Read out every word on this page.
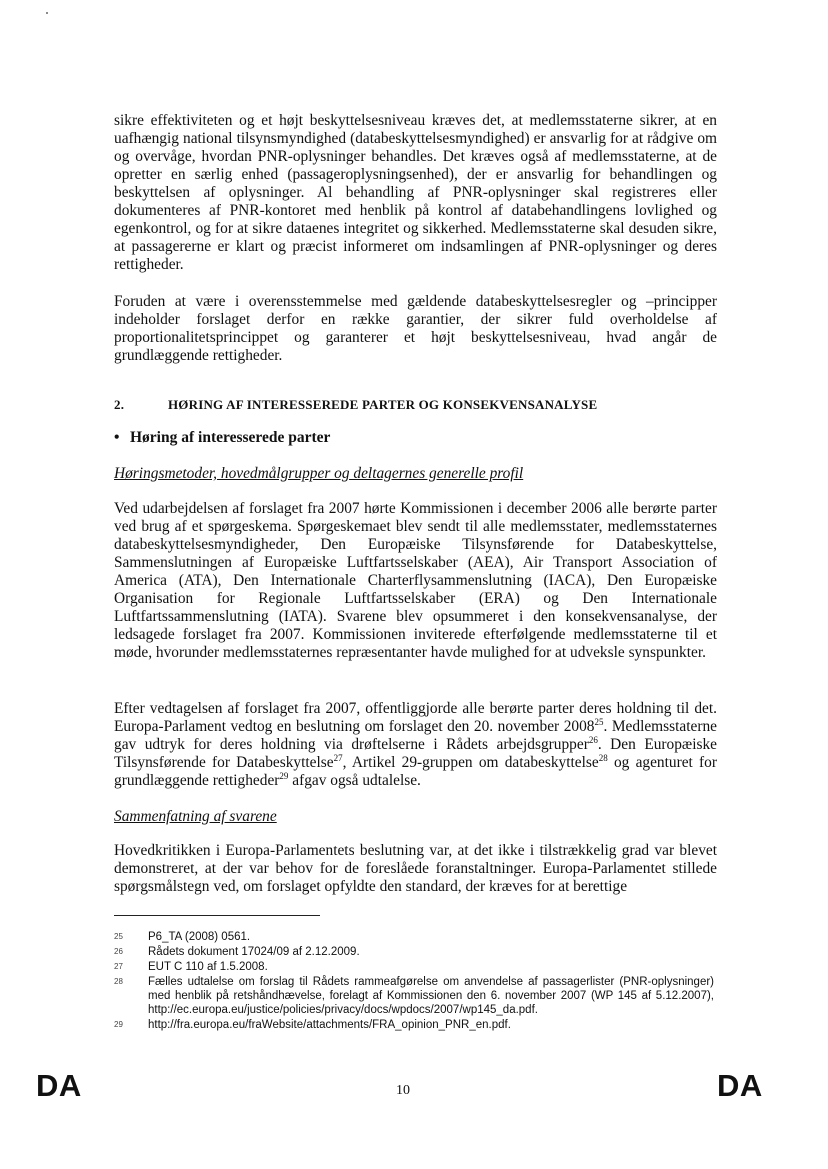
sikre effektiviteten og et højt beskyttelsesniveau kræves det, at medlemsstaterne sikrer, at en uafhængig national tilsynsmyndighed (databeskyttelsesmyndighed) er ansvarlig for at rådgive om og overvåge, hvordan PNR-oplysninger behandles. Det kræves også af medlemsstaterne, at de opretter en særlig enhed (passageroplysningsenhed), der er ansvarlig for behandlingen og beskyttelsen af oplysninger. Al behandling af PNR-oplysninger skal registreres eller dokumenteres af PNR-kontoret med henblik på kontrol af databehandlingens lovlighed og egenkontrol, og for at sikre dataenes integritet og sikkerhed. Medlemsstaterne skal desuden sikre, at passagererne er klart og præcist informeret om indsamlingen af PNR-oplysninger og deres rettigheder.

Foruden at være i overensstemmelse med gældende databeskyttelsesregler og –principper indeholder forslaget derfor en række garantier, der sikrer fuld overholdelse af proportionalitetsprincippet og garanterer et højt beskyttelsesniveau, hvad angår de grundlæggende rettigheder.

2.	HØRING AF INTERESSEREDE PARTER OG KONSEKVENSANALYSE
• Høring af interesserede parter
Høringsmetoder, hovedmålgrupper og deltagernes generelle profil

Ved udarbejdelsen af forslaget fra 2007 hørte Kommissionen i december 2006 alle berørte parter ved brug af et spørgeskema. Spørgeskemaet blev sendt til alle medlemsstater, medlemsstaternes databeskyttelsesmyndigheder, Den Europæiske Tilsynsførende for Databeskyttelse, Sammenslutningen af Europæiske Luftfartsselskaber (AEA), Air Transport Association of America (ATA), Den Internationale Charterflysammenslutning (IACA), Den Europæiske Organisation for Regionale Luftfartsselskaber (ERA) og Den Internationale Luftfartssammenslutning (IATA). Svarene blev opsummeret i den konsekvensanalyse, der ledsagede forslaget fra 2007. Kommissionen inviterede efterfølgende medlemsstaterne til et møde, hvorunder medlemsstaternes repræsentanter havde mulighed for at udveksle synspunkter.

Efter vedtagelsen af forslaget fra 2007, offentliggjorde alle berørte parter deres holdning til det. Europa-Parlament vedtog en beslutning om forslaget den 20. november 2008$^{25}$. Medlemsstaterne gav udtryk for deres holdning via drøftelserne i Rådets arbejdsgrupper$^{26}$. Den Europæiske Tilsynsførende for Databeskyttelse$^{27}$, Artikel 29-gruppen om databeskyttelse$^{28}$ og agenturet for grundlæggende rettigheder$^{29}$ afgav også udtalelse.

Sammenfatning af svarene

Hovedkritikken i Europa-Parlamentets beslutning var, at det ikke i tilstrækkelig grad var blevet demonstreret, at der var behov for de foreslåede foranstaltninger. Europa-Parlamentet stillede spørgsmålstegn ved, om forslaget opfyldte den standard, der kræves for at berettige

25	P6_TA (2008) 0561.
26	Rådets dokument 17024/09 af 2.12.2009.
27	EUT C 110 af 1.5.2008.
28	Fælles udtalelse om forslag til Rådets rammeafgørelse om anvendelse af passagerlister (PNR-oplysninger) med henblik på retshåndhævelse, forelagt af Kommissionen den 6. november 2007 (WP 145 af 5.12.2007), http://ec.europa.eu/justice/policies/privacy/docs/wpdocs/2007/wp145_da.pdf.
29	http://fra.europa.eu/fraWebsite/attachments/FRA_opinion_PNR_en.pdf.
DA	10	DA
